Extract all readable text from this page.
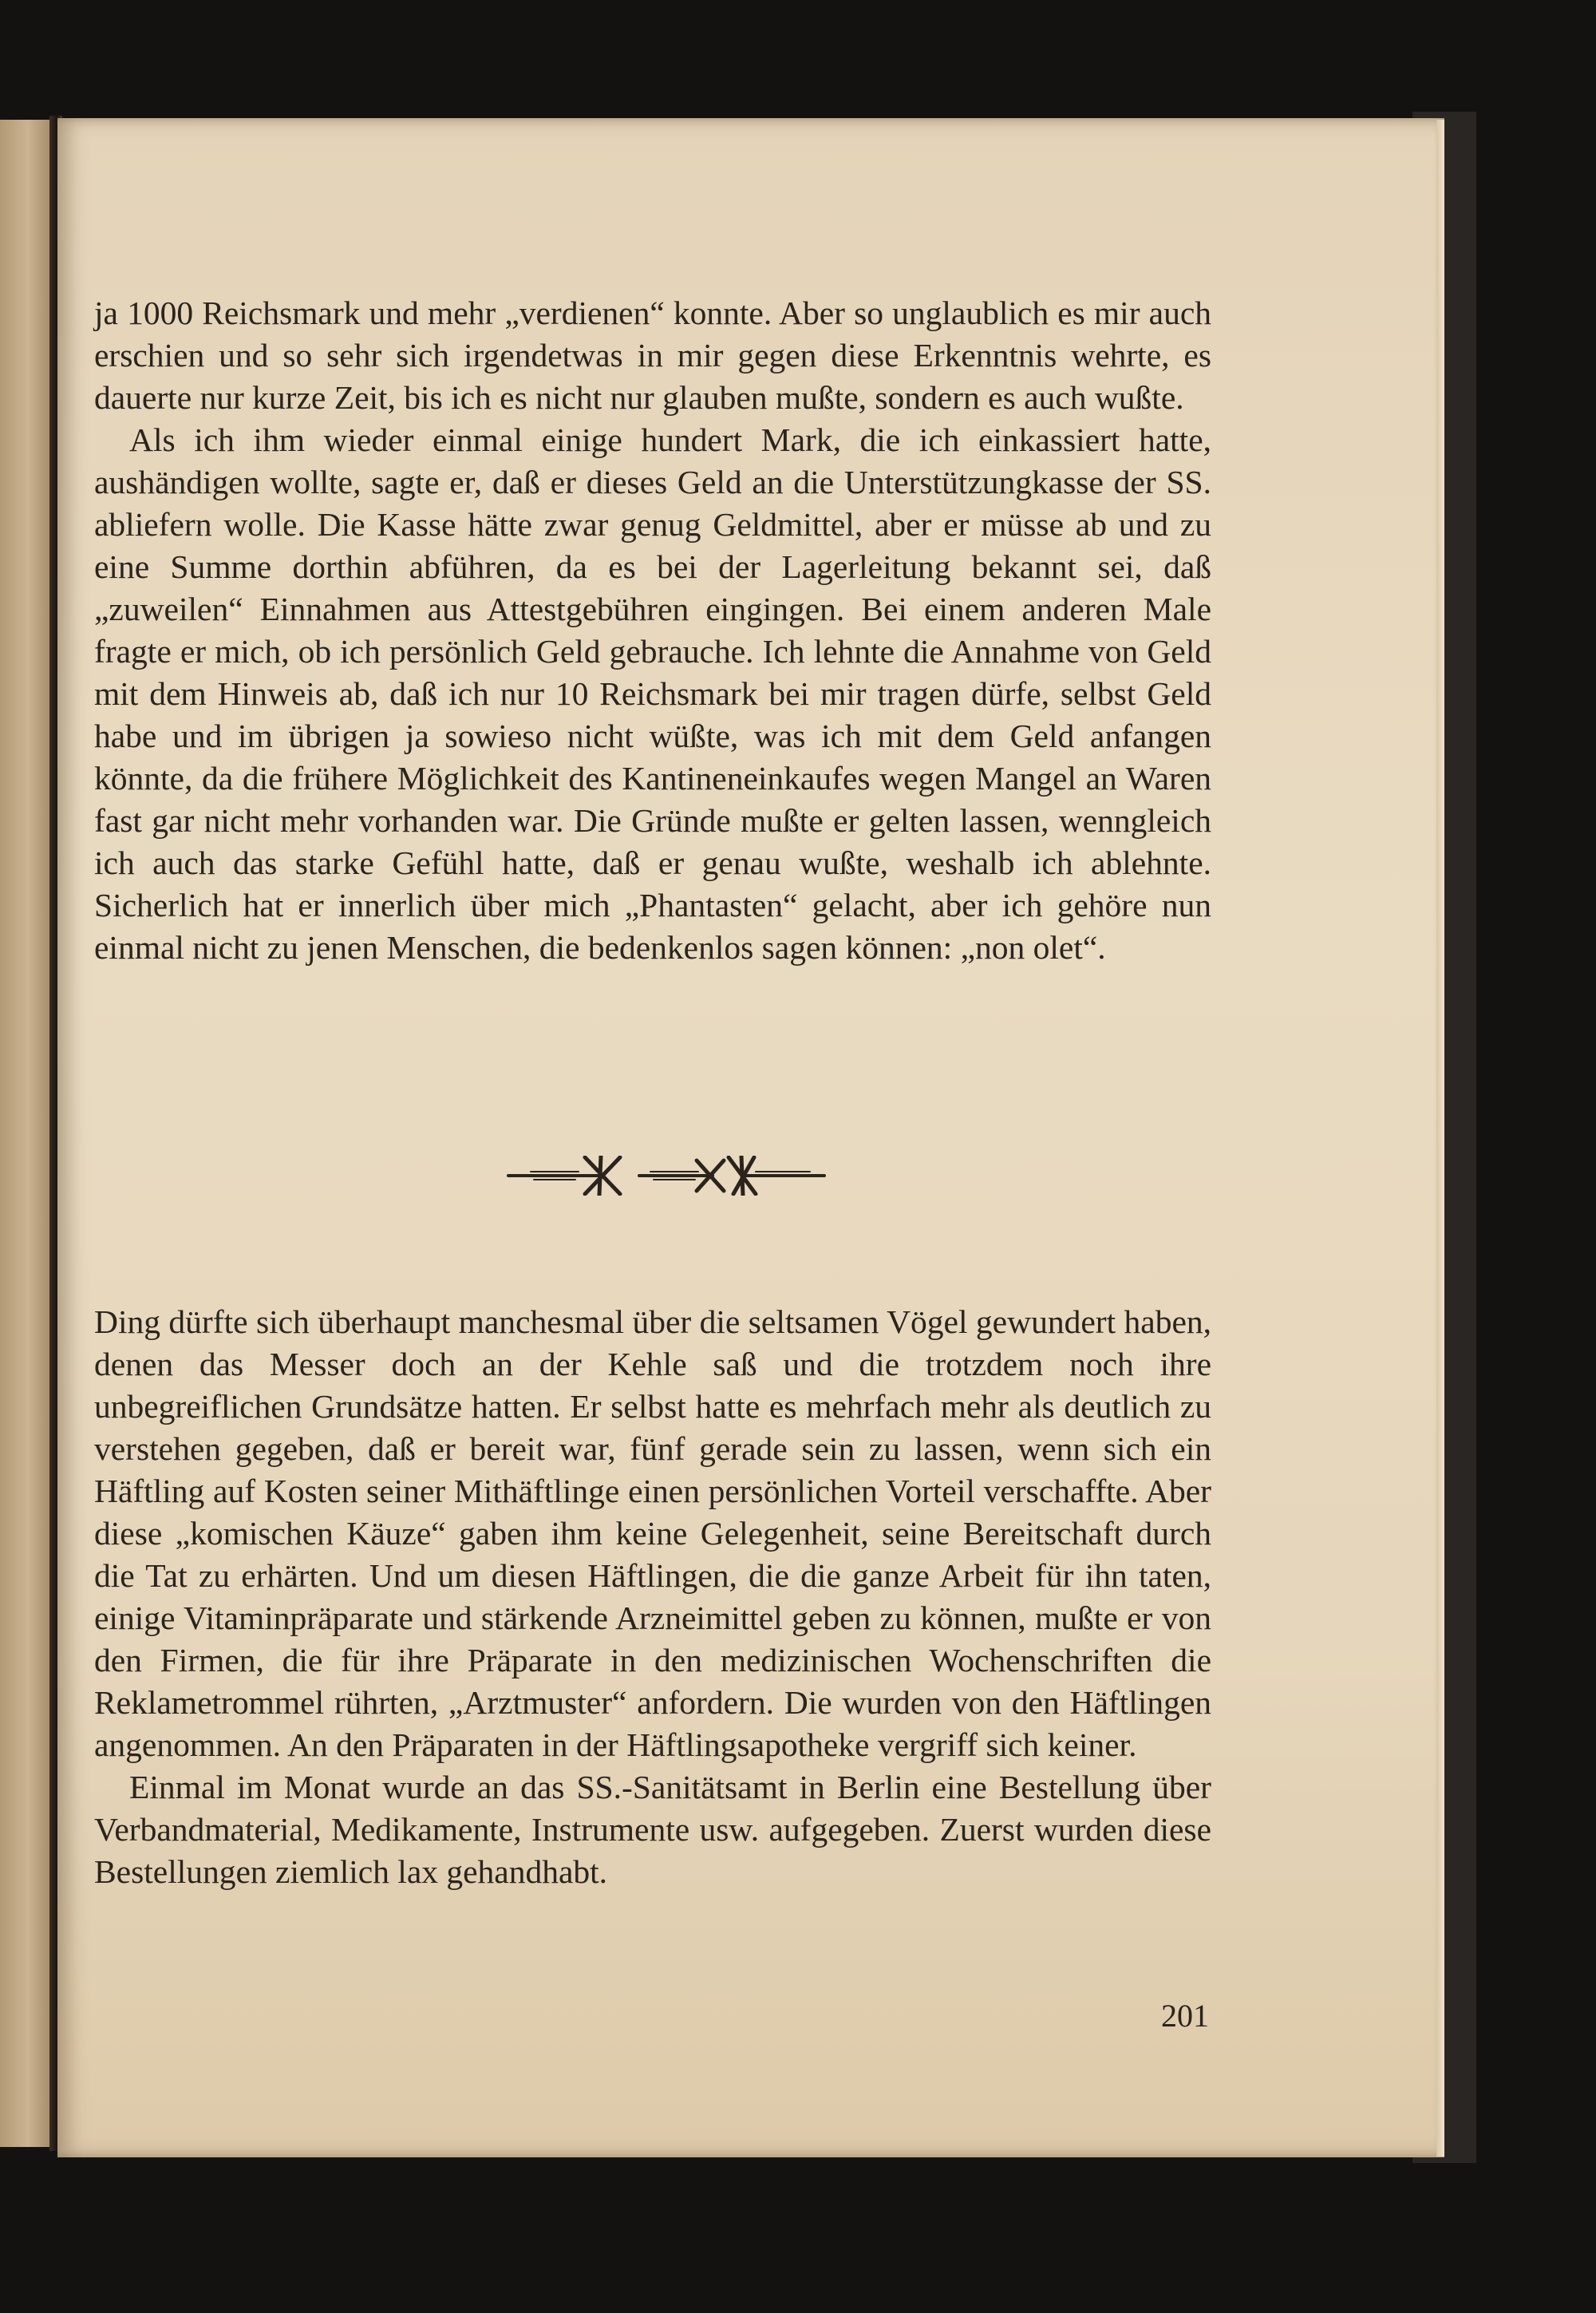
ja 1000 Reichsmark und mehr „verdienen“ konnte. Aber so unglaublich es mir auch erschien und so sehr sich irgendetwas in mir gegen diese Erkenntnis wehrte, es dauerte nur kurze Zeit, bis ich es nicht nur glauben mußte, sondern es auch wußte.

Als ich ihm wieder einmal einige hundert Mark, die ich einkassiert hatte, aushändigen wollte, sagte er, daß er dieses Geld an die Unterstützungkasse der SS. abliefern wolle. Die Kasse hätte zwar genug Geldmittel, aber er müsse ab und zu eine Summe dorthin abführen, da es bei der Lagerleitung bekannt sei, daß „zuweilen“ Einnahmen aus Attestgebühren eingingen. Bei einem anderen Male fragte er mich, ob ich persönlich Geld gebrauche. Ich lehnte die Annahme von Geld mit dem Hinweis ab, daß ich nur 10 Reichsmark bei mir tragen dürfe, selbst Geld habe und im übrigen ja sowieso nicht wüßte, was ich mit dem Geld anfangen könnte, da die frühere Möglichkeit des Kantineneinkaufes wegen Mangel an Waren fast gar nicht mehr vorhanden war. Die Gründe mußte er gelten lassen, wenngleich ich auch das starke Gefühl hatte, daß er genau wußte, weshalb ich ablehnte. Sicherlich hat er innerlich über mich „Phantasten“ gelacht, aber ich gehöre nun einmal nicht zu jenen Menschen, die bedenkenlos sagen können: „non olet“.

Ding dürfte sich überhaupt manchesmal über die seltsamen Vögel gewundert haben, denen das Messer doch an der Kehle saß und die trotzdem noch ihre unbegreiflichen Grundsätze hatten. Er selbst hatte es mehrfach mehr als deutlich zu verstehen gegeben, daß er bereit war, fünf gerade sein zu lassen, wenn sich ein Häftling auf Kosten seiner Mithäftlinge einen persönlichen Vorteil verschaffte. Aber diese „komischen Käuze“ gaben ihm keine Gelegenheit, seine Bereitschaft durch die Tat zu erhärten. Und um diesen Häftlingen, die die ganze Arbeit für ihn taten, einige Vitaminpräparate und stärkende Arzneimittel geben zu können, mußte er von den Firmen, die für ihre Präparate in den medizinischen Wochenschriften die Reklametrommel rührten, „Arztmuster“ anfordern. Die wurden von den Häftlingen angenommen. An den Präparaten in der Häftlingsapotheke vergriff sich keiner.

Einmal im Monat wurde an das SS.-Sanitätsamt in Berlin eine Bestellung über Verbandmaterial, Medikamente, Instrumente usw. aufgegeben. Zuerst wurden diese Bestellungen ziemlich lax gehandhabt.

201
